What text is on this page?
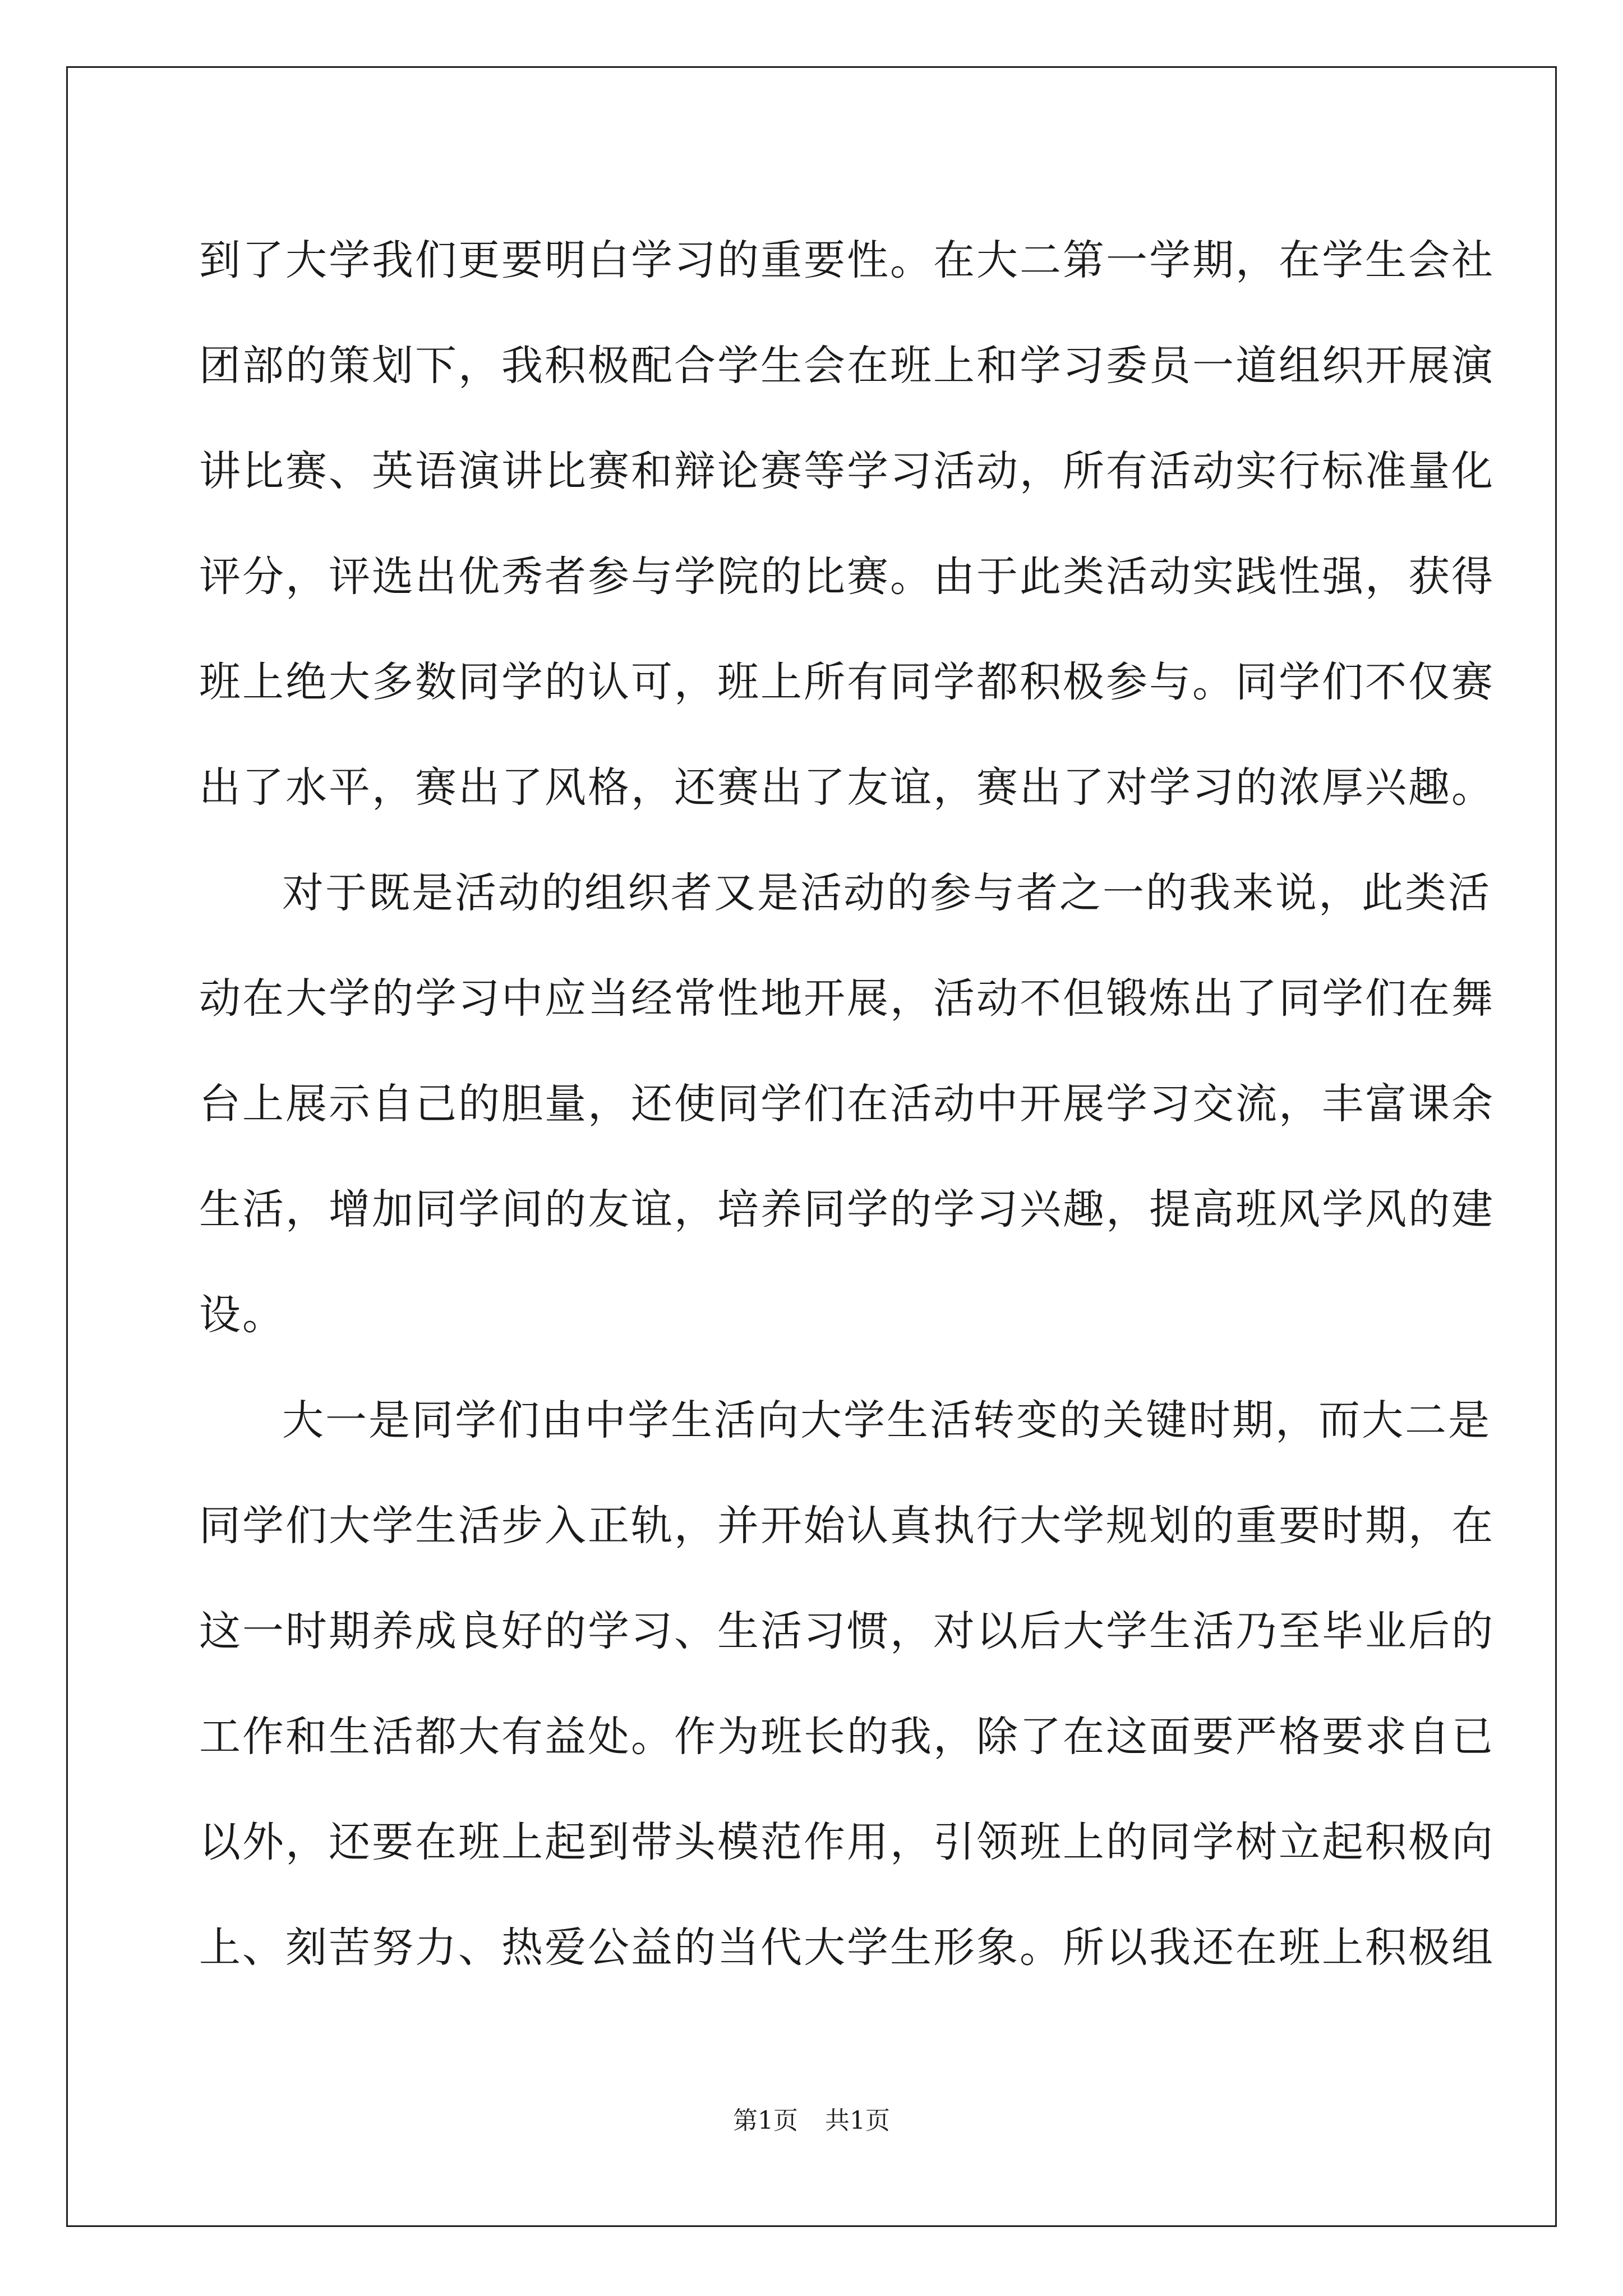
到了大学我们更要明白学习的重要性。在大二第一学期，在学生会社
团部的策划下，我积极配合学生会在班上和学习委员一道组织开展演
讲比赛、英语演讲比赛和辩论赛等学习活动，所有活动实行标准量化
评分，评选出优秀者参与学院的比赛。由于此类活动实践性强，获得
班上绝大多数同学的认可，班上所有同学都积极参与。同学们不仅赛
出了水平，赛出了风格，还赛出了友谊，赛出了对学习的浓厚兴趣。
对于既是活动的组织者又是活动的参与者之一的我来说，此类活
动在大学的学习中应当经常性地开展，活动不但锻炼出了同学们在舞
台上展示自己的胆量，还使同学们在活动中开展学习交流，丰富课余
生活，增加同学间的友谊，培养同学的学习兴趣，提高班风学风的建
设。
大一是同学们由中学生活向大学生活转变的关键时期，而大二是
同学们大学生活步入正轨，并开始认真执行大学规划的重要时期，在
这一时期养成良好的学习、生活习惯，对以后大学生活乃至毕业后的
工作和生活都大有益处。作为班长的我，除了在这面要严格要求自已
以外，还要在班上起到带头模范作用，引领班上的同学树立起积极向
上、刻苦努力、热爱公益的当代大学生形象。所以我还在班上积极组
第1页 共1页
